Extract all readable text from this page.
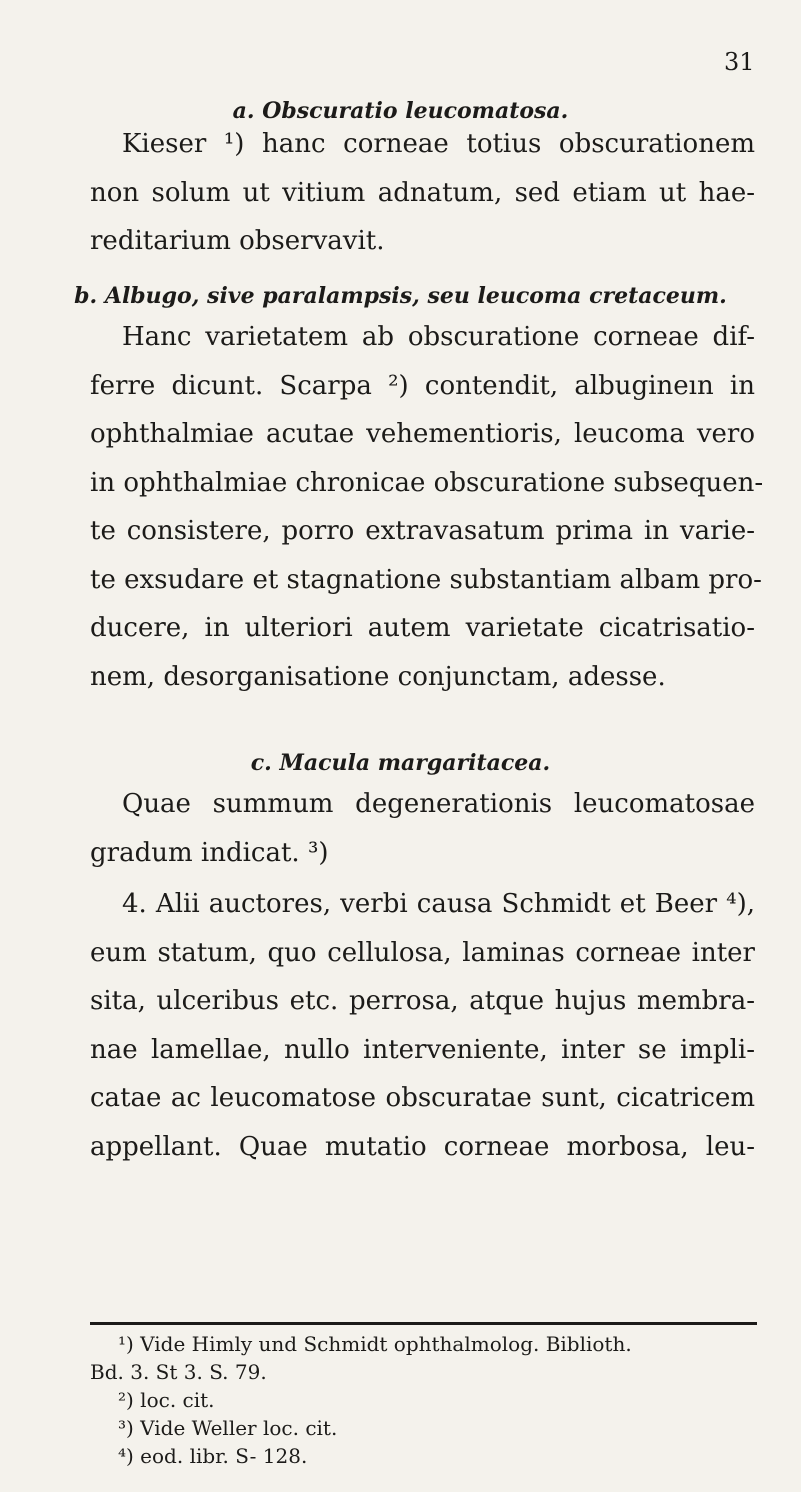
31
a. Obscuratio leucomatosa.
Kieser ¹) hanc corneae totius obscurationem
non solum ut vitium adnatum, sed etiam ut hae-
reditarium observavit.
b. Albugo, sive paralampsis, seu leucoma cretaceum.
Hanc varietatem ab obscuratione corneae dif-
ferre dicunt. Scarpa ²) contendit, albugineın in
ophthalmiae acutae vehementioris, leucoma vero
in ophthalmiae chronicae obscuratione subsequen-
te consistere, porro extravasatum prima in varie-
te exsudare et stagnatione substantiam albam pro-
ducere, in ulteriori autem varietate cicatrisatio-
nem, desorganisatione conjunctam, adesse.
c. Macula margaritacea.
Quae summum degenerationis leucomatosae
gradum indicat. ³)
4. Alii auctores, verbi causa Schmidt et Beer ⁴),
eum statum, quo cellulosa, laminas corneae inter
sita, ulceribus etc. perrosa, atque hujus membra-
nae lamellae, nullo interveniente, inter se impli-
catae ac leucomatose obscuratae sunt, cicatricem
appellant. Quae mutatio corneae morbosa, leu-
¹) Vide Himly und Schmidt ophthalmolog. Biblioth.
Bd. 3. St 3. S. 79.
²) loc. cit.
³) Vide Weller loc. cit.
⁴) eod. libr. S- 128.
